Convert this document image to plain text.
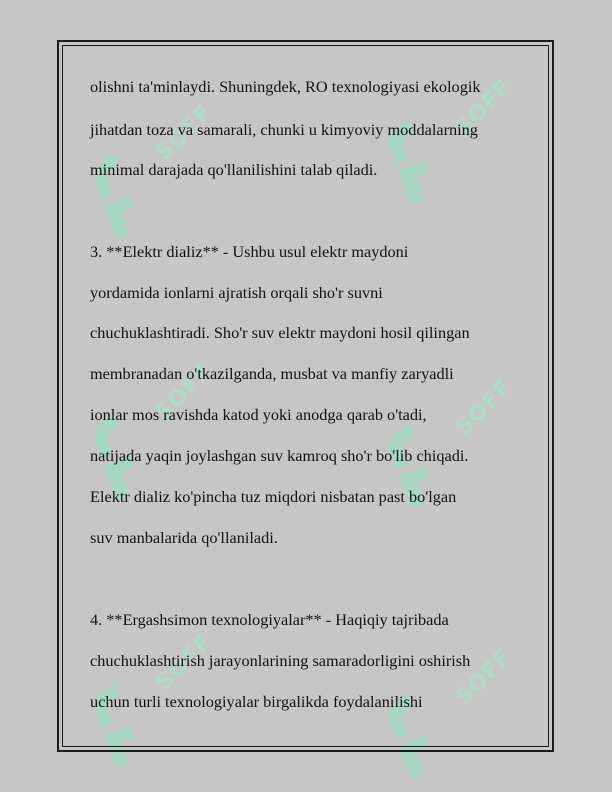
SOFF	SOFF
SOFF	SOFF
SOFF	SOFF
olishni ta'minlaydi. Shuningdek, RO texnologiyasi ekologik
jihatdan toza va samarali, chunki u kimyoviy moddalarning
minimal darajada qo'llanilishini talab qiladi.
3. **Elektr dializ** - Ushbu usul elektr maydoni
yordamida ionlarni ajratish orqali sho'r suvni
chuchuklashtiradi. Sho'r suv elektr maydoni hosil qilingan
membranadan o'tkazilganda, musbat va manfiy zaryadli
ionlar mos ravishda katod yoki anodga qarab o'tadi,
natijada yaqin joylashgan suv kamroq sho'r bo'lib chiqadi.
Elektr dializ ko'pincha tuz miqdori nisbatan past bo'lgan
suv manbalarida qo'llaniladi.
4. **Ergashsimon texnologiyalar** - Haqiqiy tajribada
chuchuklashtirish jarayonlarining samaradorligini oshirish
uchun turli texnologiyalar birgalikda foydalanilishi
